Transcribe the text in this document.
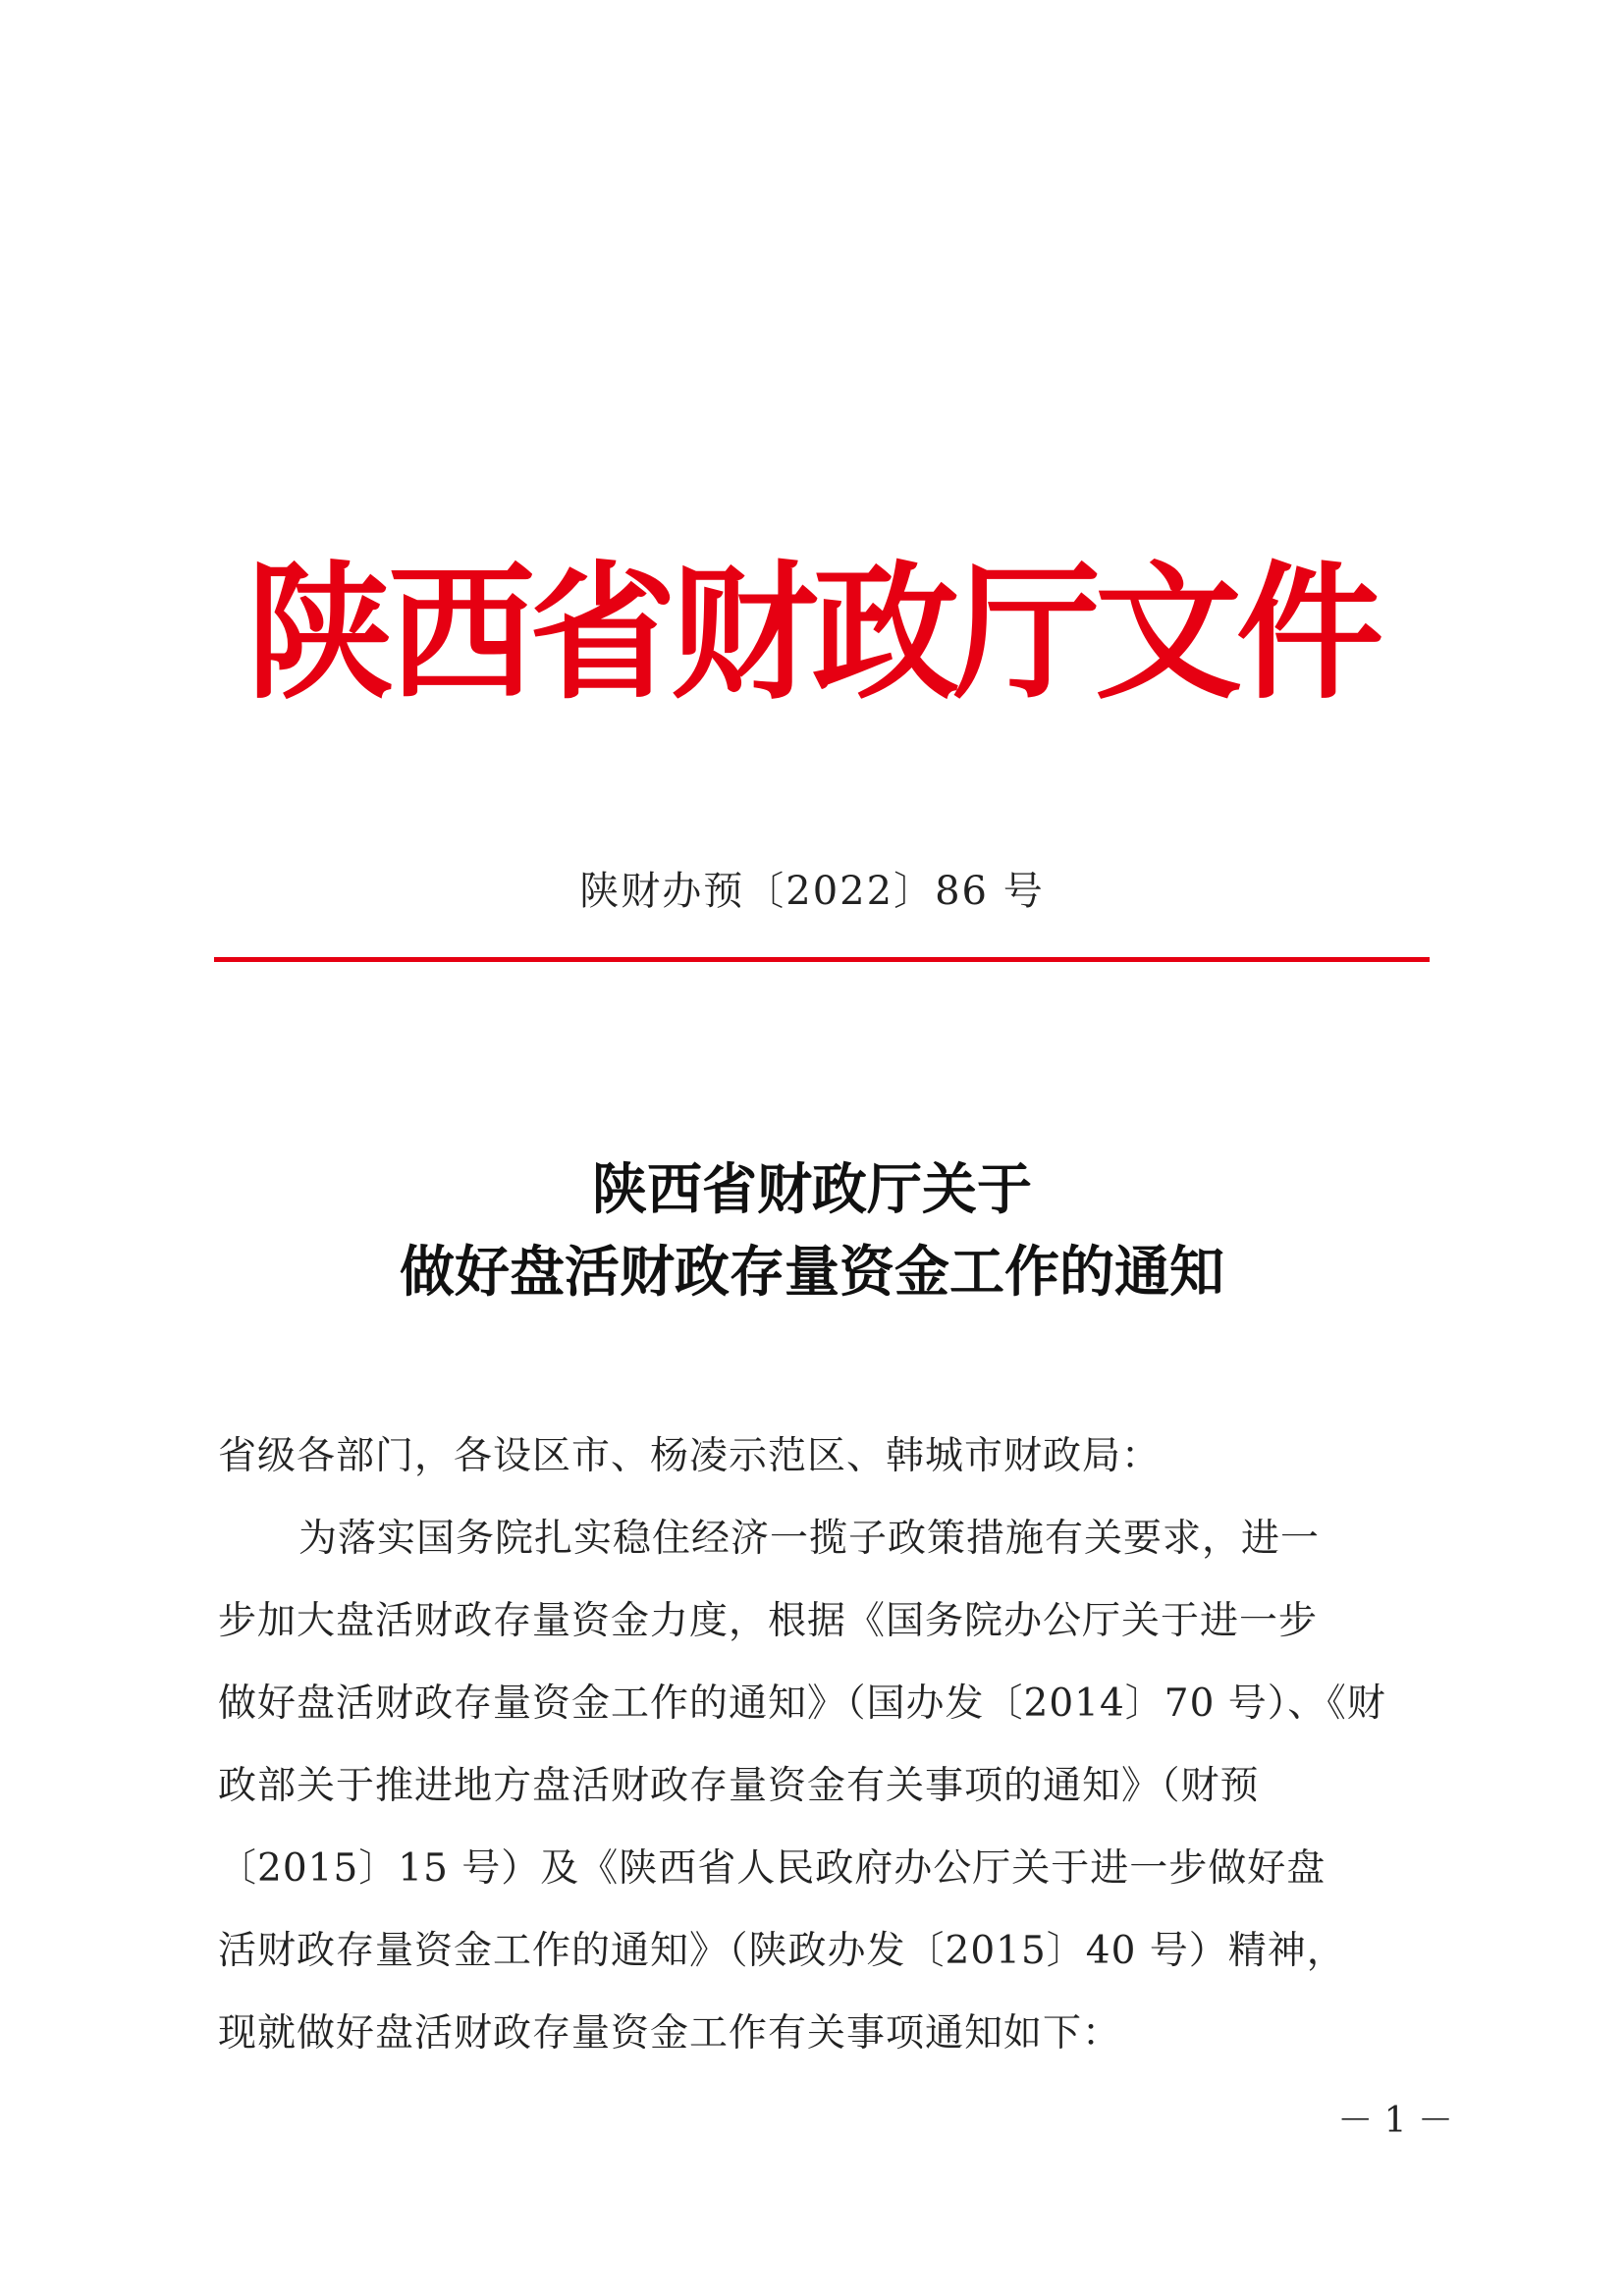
陕西省财政厅文件
陕财办预〔2022〕86 号
陕西省财政厅关于
做好盘活财政存量资金工作的通知
省级各部门，各设区市、杨凌示范区、韩城市财政局：
为落实国务院扎实稳住经济一揽子政策措施有关要求，进一
步加大盘活财政存量资金力度，根据《国务院办公厅关于进一步
做好盘活财政存量资金工作的通知》（国办发〔2014〕70 号）、《财
政部关于推进地方盘活财政存量资金有关事项的通知》（财预
〔2015〕15 号）及《陕西省人民政府办公厅关于进一步做好盘
活财政存量资金工作的通知》（陕政办发〔2015〕40 号）精神，
现就做好盘活财政存量资金工作有关事项通知如下：
－ 1 －
